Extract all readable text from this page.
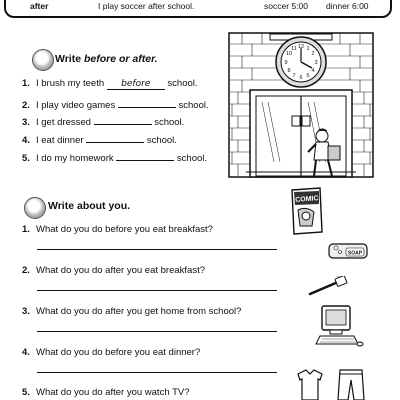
after	I play soccer after school.	soccer 5:00 dinner 6:00
Write before or after.
1. I brush my teeth before school.
2. I play video games	school.
3. I get dressed	school.
4. I eat dinner	school.
5. I do my homework	school.
12 1
2
3
4
5
6
7
8
9
10
11
Write about you.
1. What do you do before you eat breakfast?
2. What do you do after you eat breakfast?
3. What do you do after you get home from school?
4. What do you do before you eat dinner?
5. What do you do after you watch TV?
COMIC
SOAP
